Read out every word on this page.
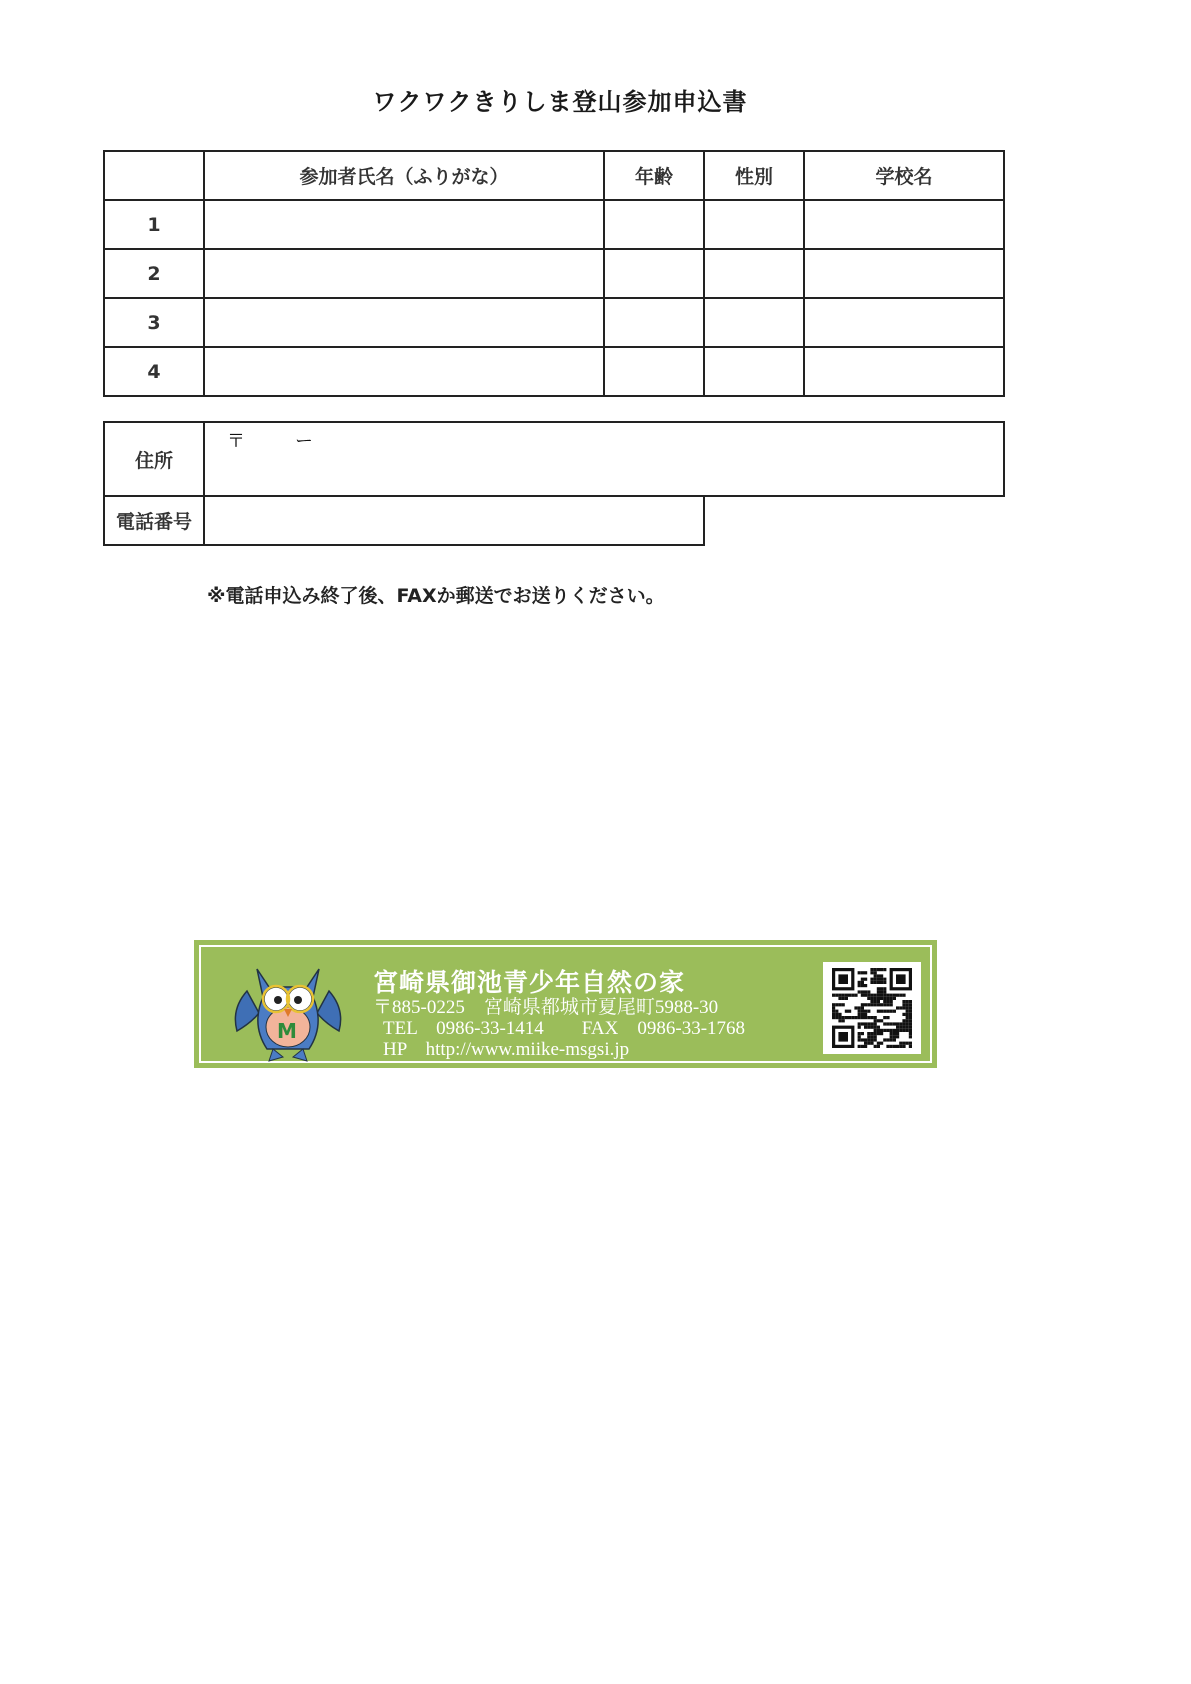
ワクワクきりしま登山参加申込書
	参加者氏名（ふりがな）	年齢	性別	学校名
1				
2				
3				
4				
住所	〒 ー	

電話番号		
※電話申込み終了後、FAXか郵送でお送りください。
M
宮崎県御池青少年自然の家
〒885-0225　宮崎県都城市夏尾町5988-30
TEL　0986-33-1414　　FAX　0986-33-1768
HP　http://www.miike-msgsi.jp
